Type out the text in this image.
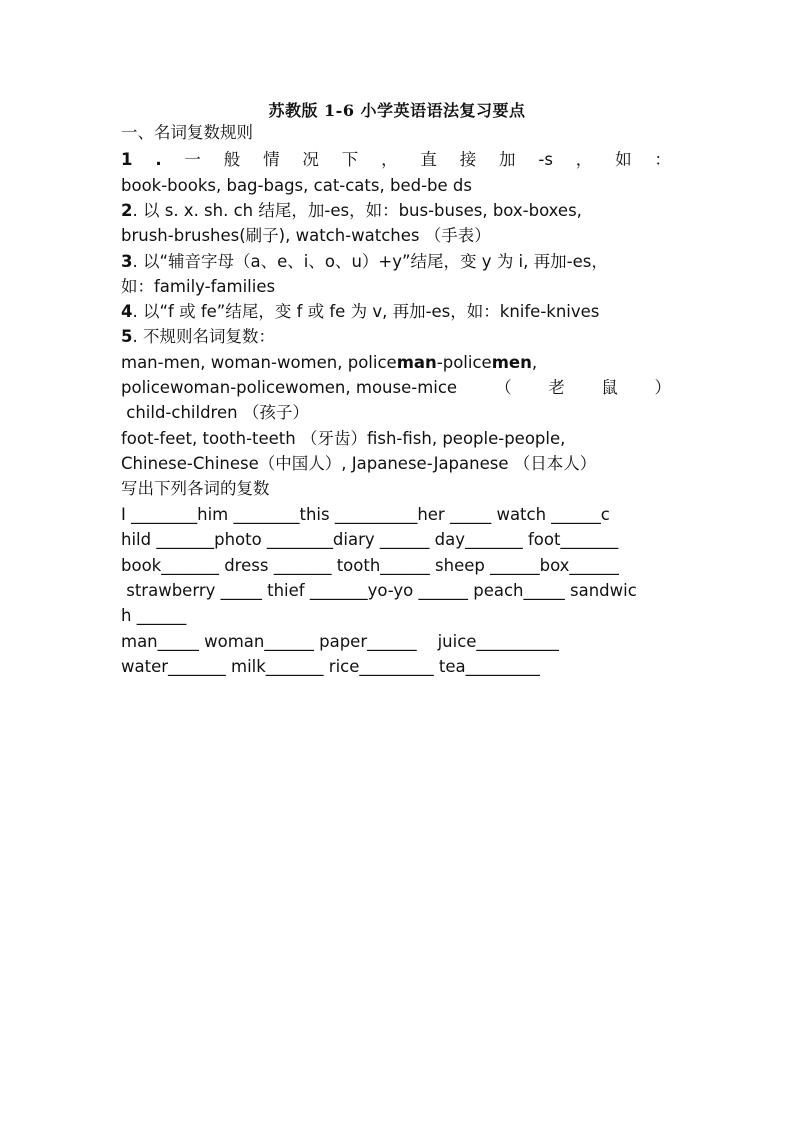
苏教版 1-6 小学英语语法复习要点
一、名词复数规则
1 . 一 般 情 况 下 ， 直 接 加 -s ， 如 ：
book-books, bag-bags, cat-cats, bed-be ds
2. 以 s. x. sh. ch 结尾，加-es，如：bus-buses, box-boxes,
brush-brushes(刷子), watch-watches （手表）
3. 以“辅音字母（a、e、i、o、u）+y”结尾，变 y 为 i, 再加-es，
如：family-families
4. 以“f 或 fe”结尾，变 f 或 fe 为 v, 再加-es，如：knife-knives
5. 不规则名词复数：
man-men, woman-women, policeman-policemen,
policewoman-policewomen, mouse-mice （ 老 鼠 ）
child-children （孩子）
foot-feet, tooth-teeth （牙齿）fish-fish, people-people,
Chinese-Chinese（中国人）, Japanese-Japanese （日本人）
写出下列各词的复数
I ________him ________this __________her _____ watch ______c
hild _______photo ________diary ______ day_______ foot_______
book_______ dress _______ tooth______ sheep ______box______
strawberry _____ thief _______yo-yo ______ peach_____ sandwic
h ______
man_____ woman______ paper______    juice__________
water_______ milk_______ rice_________ tea_________
